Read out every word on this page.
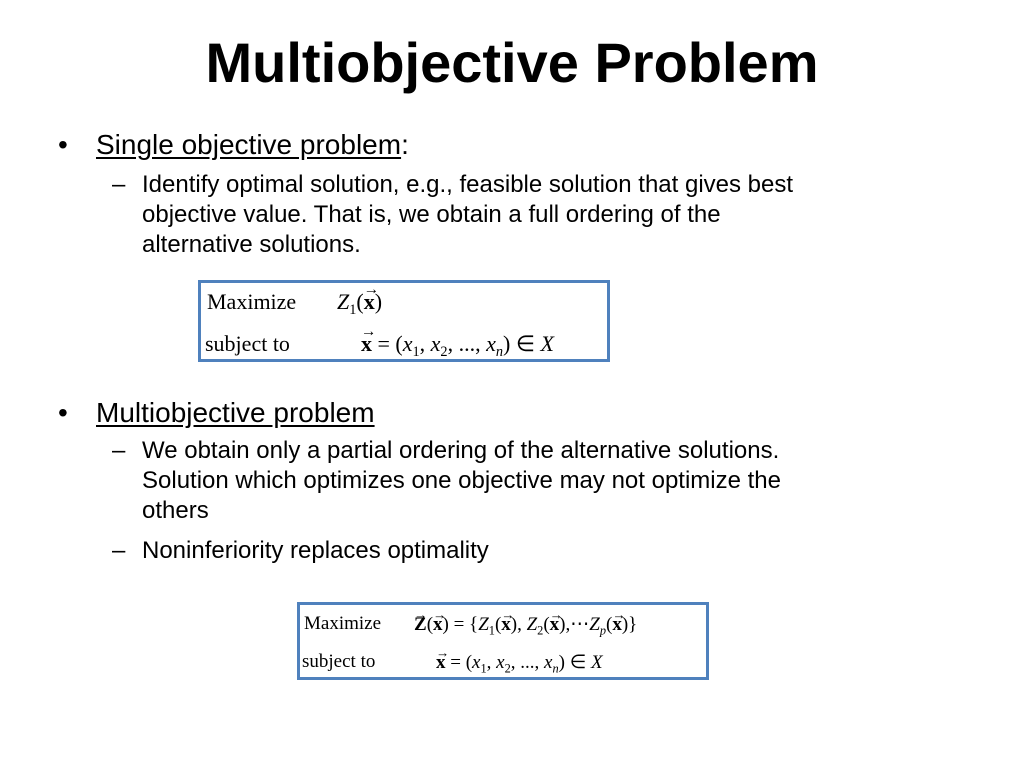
Multiobjective Problem
• Single objective problem:
– Identify optimal solution, e.g., feasible solution that gives best
objective value. That is, we obtain a full ordering of the
alternative solutions.
Maximize $Z_1(\to x)$
subject to	→ $x = (x_1$, $x_2$, ..., $x_n$) ∈ X
• Multiobjective problem
– We obtain only a partial ordering of the alternative solutions.
Solution which optimizes one objective may not optimize the
others
– Noninferiority replaces optimality
Maximize → $Z(\to x) = \{Z_1(\to x)$, $Z_2(\to$ $x),\cdots Z_p(\to x)$}
subject to	→ $x = (x_1$, $x_2$, ..., $x_n$) ∈ X
